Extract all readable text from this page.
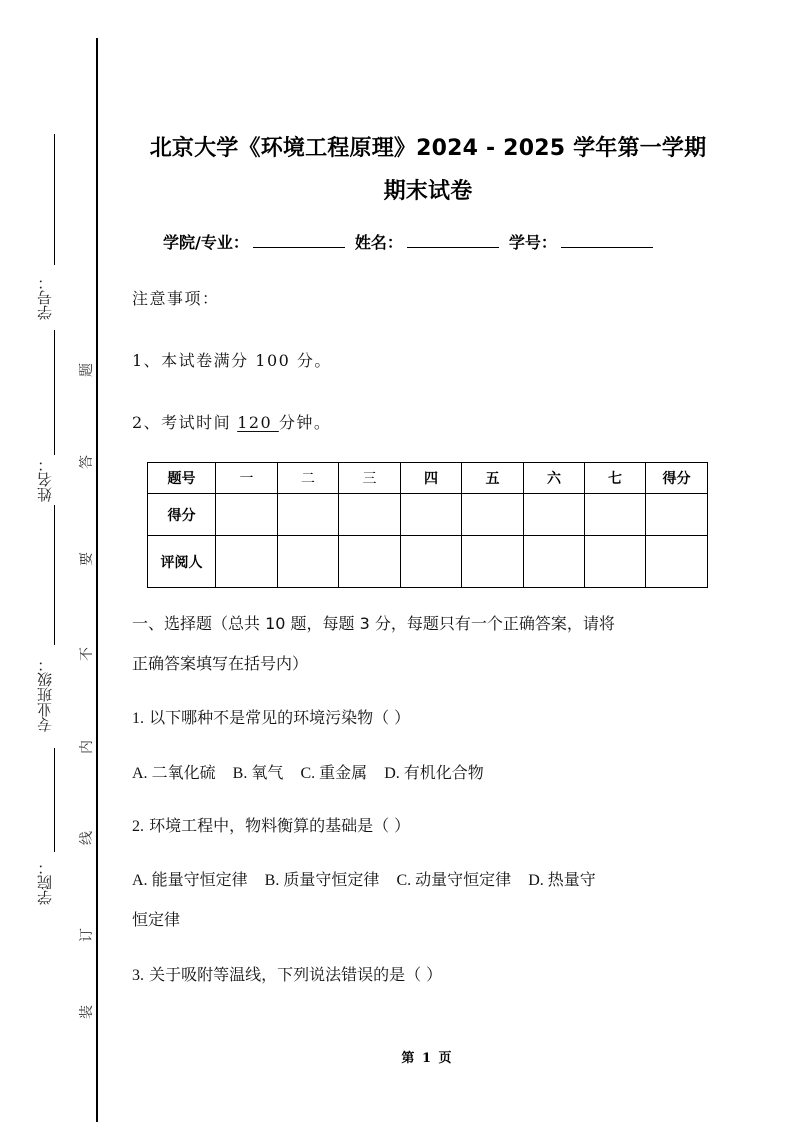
学号：
姓名：
专业班级：
学院：
题
答
要
不
内
线
订
装
北京大学《环境工程原理》2024 - 2025 学年第一学期
期末试卷
学院/专业：	姓名：	学号：
注意事项：
1、本试卷满分 100 分。
2、考试时间 120 分钟。
题号	一	二	三	四	五	六	七	得分
得分								
评阅人								
一、选择题（总共 10 题，每题 3 分，每题只有一个正确答案，请将
正确答案填写在括号内）
1. 以下哪种不是常见的环境污染物（ ）
A. 二氧化硫 B. 氧气 C. 重金属 D. 有机化合物
2. 环境工程中，物料衡算的基础是（ ）
A. 能量守恒定律 B. 质量守恒定律 C. 动量守恒定律 D. 热量守
恒定律
3. 关于吸附等温线，下列说法错误的是（ ）
第 1 页
